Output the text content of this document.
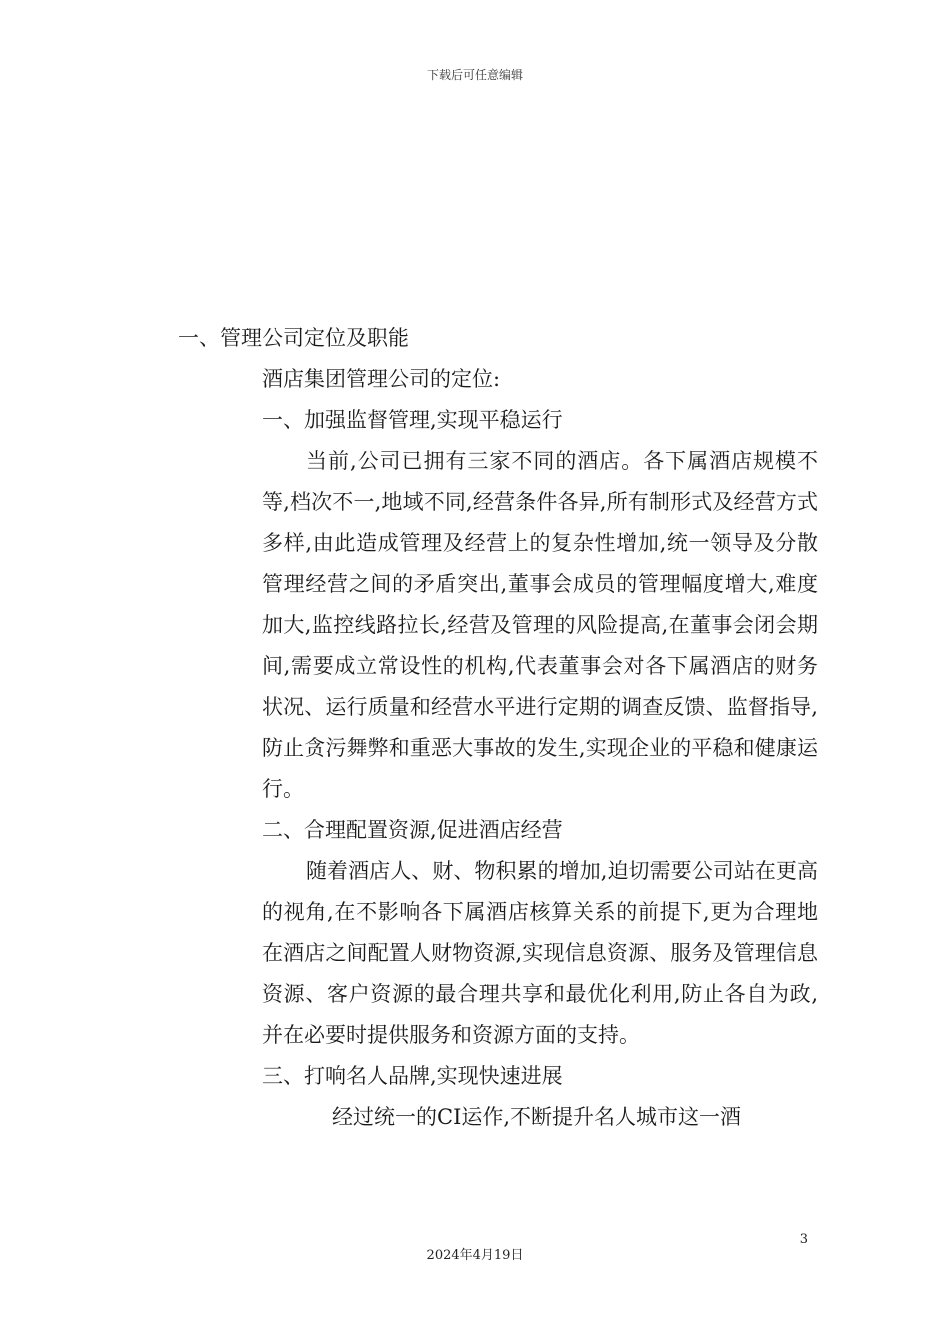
下载后可任意编辑

一、管理公司定位及职能

酒店集团管理公司的定位:

一、加强监督管理,实现平稳运行

当前,公司已拥有三家不同的酒店。各下属酒店规模不等,档次不一,地域不同,经营条件各异,所有制形式及经营方式多样,由此造成管理及经营上的复杂性增加,统一领导及分散管理经营之间的矛盾突出,董事会成员的管理幅度增大,难度加大,监控线路拉长,经营及管理的风险提高,在董事会闭会期间,需要成立常设性的机构,代表董事会对各下属酒店的财务状况、运行质量和经营水平进行定期的调查反馈、监督指导,防止贪污舞弊和重恶大事故的发生,实现企业的平稳和健康运行。

二、合理配置资源,促进酒店经营

随着酒店人、财、物积累的增加,迫切需要公司站在更高的视角,在不影响各下属酒店核算关系的前提下,更为合理地在酒店之间配置人财物资源,实现信息资源、服务及管理信息资源、客户资源的最合理共享和最优化利用,防止各自为政,并在必要时提供服务和资源方面的支持。

三、打响名人品牌,实现快速进展

经过统一的CI运作,不断提升名人城市这一酒

3
2024年4月19日
